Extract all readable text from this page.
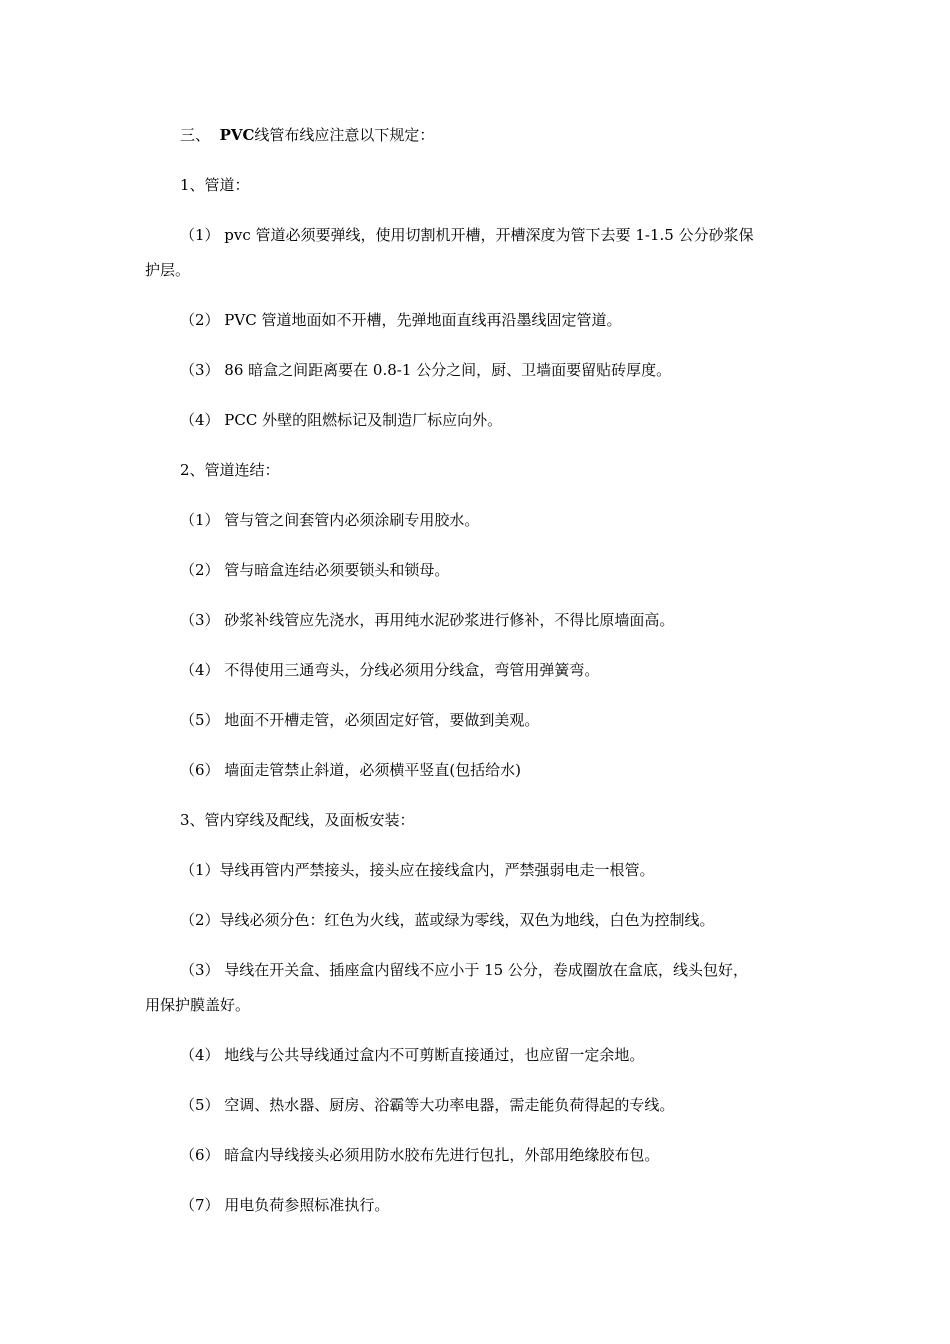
三、 PVC线管布线应注意以下规定：
1、管道：
（1） pvc 管道必须要弹线，使用切割机开槽，开槽深度为管下去要 1-1.5 公分砂浆保
护层。
（2） PVC 管道地面如不开槽，先弹地面直线再沿墨线固定管道。
（3） 86 暗盒之间距离要在 0.8-1 公分之间，厨、卫墙面要留贴砖厚度。
（4） PCC 外壁的阻燃标记及制造厂标应向外。
2、管道连结：
（1） 管与管之间套管内必须涂刷专用胶水。
（2） 管与暗盒连结必须要锁头和锁母。
（3） 砂浆补线管应先浇水，再用纯水泥砂浆进行修补，不得比原墙面高。
（4） 不得使用三通弯头，分线必须用分线盒，弯管用弹簧弯。
（5） 地面不开槽走管，必须固定好管，要做到美观。
（6） 墙面走管禁止斜道，必须横平竖直(包括给水)
3、管内穿线及配线，及面板安装：
（1）导线再管内严禁接头，接头应在接线盒内，严禁强弱电走一根管。
（2）导线必须分色：红色为火线，蓝或绿为零线，双色为地线，白色为控制线。
（3） 导线在开关盒、插座盒内留线不应小于 15 公分，卷成圈放在盒底，线头包好，
用保护膜盖好。
（4） 地线与公共导线通过盒内不可剪断直接通过，也应留一定余地。
（5） 空调、热水器、厨房、浴霸等大功率电器，需走能负荷得起的专线。
（6） 暗盒内导线接头必须用防水胶布先进行包扎，外部用绝缘胶布包。
（7） 用电负荷参照标准执行。
